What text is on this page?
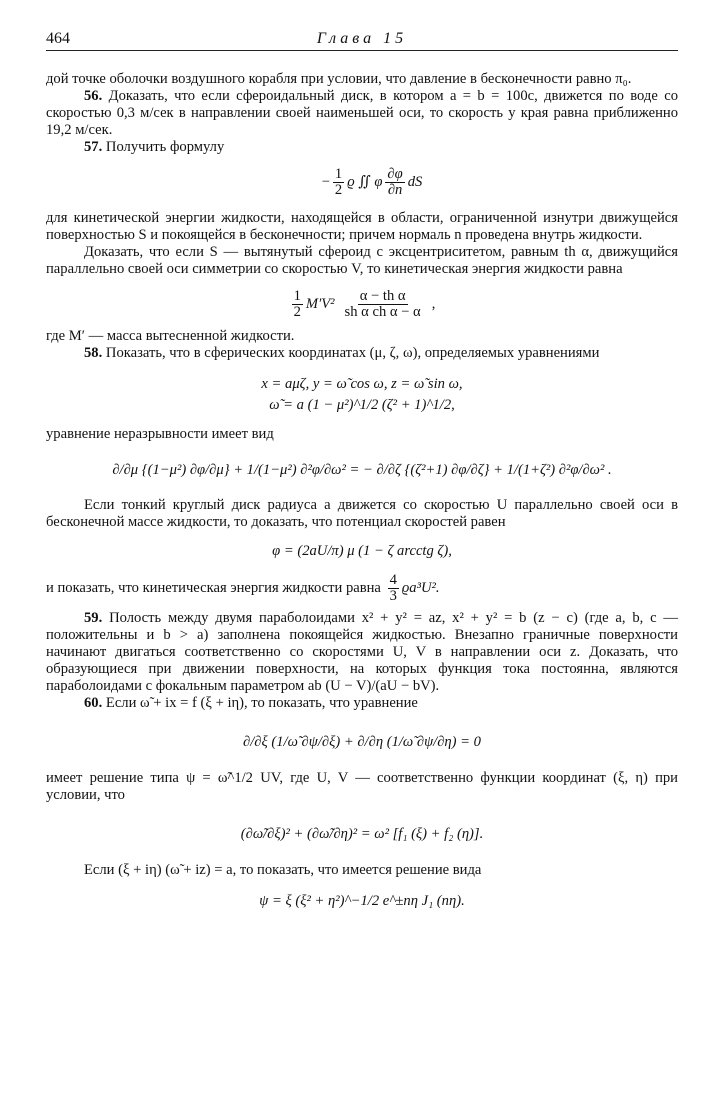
464	Глава 15

дой точке оболочки воздушного корабля при условии, что давление в бесконечности равно π₀.

56. Доказать, что если сфероидальный диск, в котором a = b = 100c, движется по воде со скоростью 0,3 м/сек в направлении своей наименьшей оси, то скорость у края равна приближенно 19,2 м/сек.

57. Получить формулу

− $\frac{1}{2}$ ϱ ∬ φ $\frac{\partial\varphi}{\partial n}$ dS

для кинетической энергии жидкости, находящейся в области, ограниченной изнутри движущейся поверхностью S и покоящейся в бесконечности; причем нормаль n проведена внутрь жидкости.

Доказать, что если S — вытянутый сфероид с эксцентриситетом, равным th α, движущийся параллельно своей оси симметрии со скоростью V, то кинетическая энергия жидкости равна

$\frac{1}{2} M'V^2 \frac{\text{α − th α}}{\text{sh α ch α − α}}$ ,

где M′ — масса вытесненной жидкости.

58. Показать, что в сферических координатах (μ, ζ, ω), определяемых уравнениями

x = aμζ, y = ω̃ cos ω, z = ω̃ sin ω,
ω̃ = a (1 − μ²)^1/2 (ζ² + 1)^1/2,

уравнение неразрывности имеет вид

∂/∂μ {(1−μ²) ∂φ/∂μ} + 1/(1−μ²) ∂²φ/∂ω² = − ∂/∂ζ {(ζ²+1) ∂φ/∂ζ} + 1/(1+ζ²) ∂²φ/∂ω² .

Если тонкий круглый диск радиуса a движется со скоростью U параллельно своей оси в бесконечной массе жидкости, то доказать, что потенциал скоростей равен

φ = (2aU/π) μ (1 − ζ arcctg ζ),

и показать, что кинетическая энергия жидкости равна $\frac{4}{3} ϱa^3U^2$.

59. Полость между двумя параболоидами x² + y² = az, x² + y² = b (z − c) (где a, b, c — положительны и b > a) заполнена покоящейся жидкостью. Внезапно граничные поверхности начинают двигаться соответственно со скоростями U, V в направлении оси z. Доказать, что образующиеся при движении поверхности, на которых функция тока постоянна, являются параболоидами с фокальным параметром ab (U − V)/(aU − bV).

60. Если ω̃ + ix = f (ξ + iη), то показать, что уравнение

∂/∂ξ (1/ω̃ ∂ψ/∂ξ) + ∂/∂η (1/ω̃ ∂ψ/∂η) = 0

имеет решение типа ψ = ω̃^1/2 UV, где U, V — соответственно функции координат (ξ, η) при условии, что

(∂ω̃/∂ξ)² + (∂ω̃/∂η)² = ω² [f₁ (ξ) + f₂ (η)].

Если (ξ + iη) (ω̃ + iz) = a, то показать, что имеется решение вида

ψ = ξ (ξ² + η²)^−1/2 e^±nη J₁ (nη).
